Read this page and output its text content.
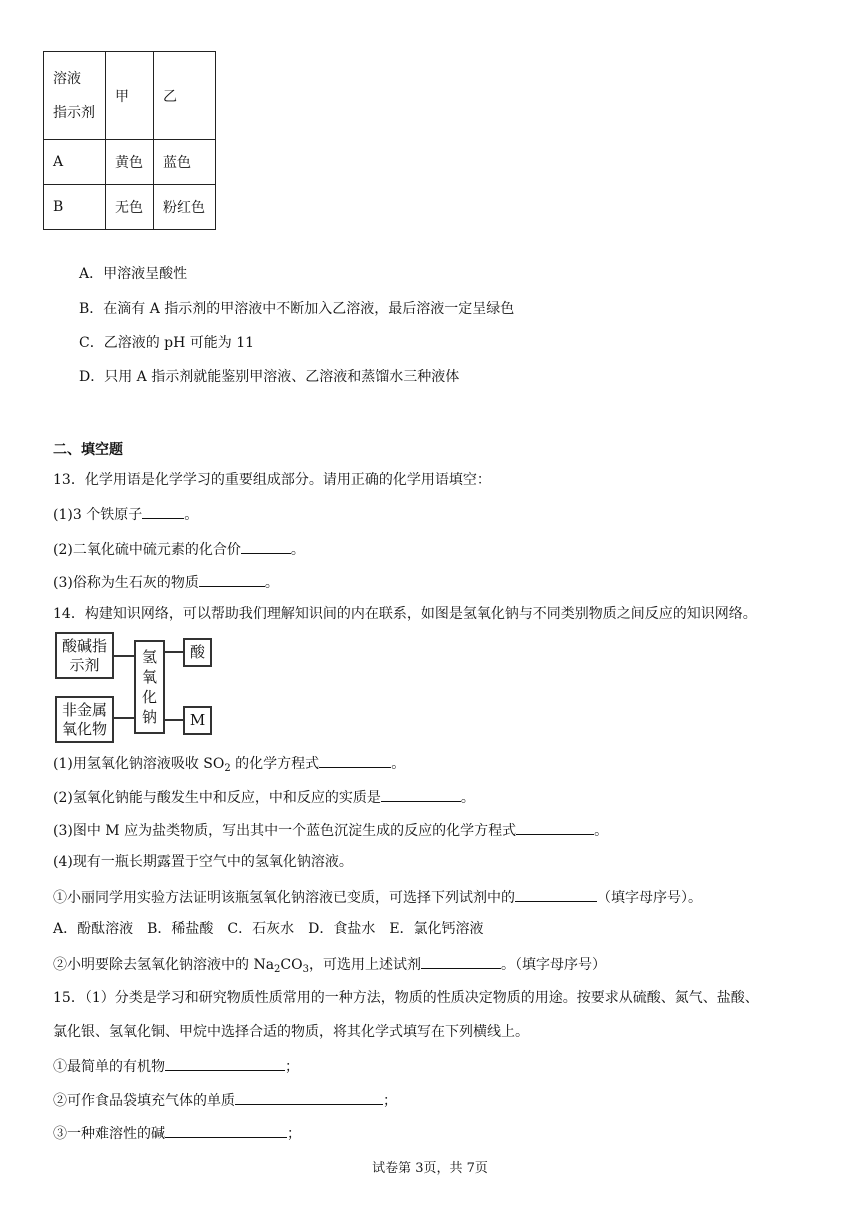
溶液
指示剂	甲	乙
A	黄色	蓝色
B	无色	粉红色
A．甲溶液呈酸性
B．在滴有 A 指示剂的甲溶液中不断加入乙溶液，最后溶液一定呈绿色
C．乙溶液的 pH 可能为 11
D．只用 A 指示剂就能鉴别甲溶液、乙溶液和蒸馏水三种液体
二、填空题
13．化学用语是化学学习的重要组成部分。请用正确的化学用语填空：
(1)3 个铁原子	。
(2)二氧化硫中硫元素的化合价	。
(3)俗称为生石灰的物质	。
14．构建知识网络，可以帮助我们理解知识间的内在联系，如图是氢氧化钠与不同类别物质之间反应的知识网络。
酸碱指示剂
非金属氧化物
氢氧化钠
酸
M
(1)用氢氧化钠溶液吸收 $SO_2$ 的化学方程式	。
(2)氢氧化钠能与酸发生中和反应，中和反应的实质是	。
(3)图中 M 应为盐类物质，写出其中一个蓝色沉淀生成的反应的化学方程式	。
(4)现有一瓶长期露置于空气中的氢氧化钠溶液。
①小丽同学用实验方法证明该瓶氢氧化钠溶液已变质，可选择下列试剂中的	（填字母序号）。
A．酚酞溶液　B．稀盐酸　C．石灰水　D．食盐水　E．氯化钙溶液
②小明要除去氢氧化钠溶液中的 $Na_2CO_3$，可选用上述试剂	。（填字母序号）
15．（1）分类是学习和研究物质性质常用的一种方法，物质的性质决定物质的用途。按要求从硫酸、氮气、盐酸、
氯化银、氢氧化铜、甲烷中选择合适的物质，将其化学式填写在下列横线上。
①最简单的有机物	；
②可作食品袋填充气体的单质	；
③一种难溶性的碱	；
试卷第 3页，共 7页
